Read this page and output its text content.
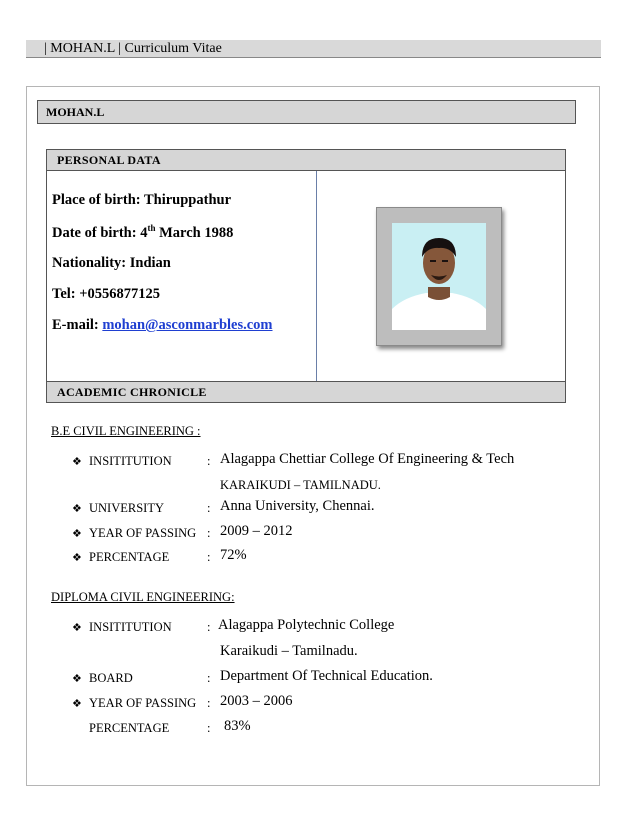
| MOHAN.L | Curriculum Vitae
MOHAN.L
PERSONAL DATA
Place of birth: Thiruppathur
Date of birth: 4th March 1988
Nationality: Indian
Tel: +0556877125
E-mail: mohan@asconmarbles.com
ACADEMIC CHRONICLE
B.E CIVIL ENGINEERING :
❖ INSITITUTION	: Alagappa Chettiar College Of Engineering & Tech
KARAIKUDI – TAMILNADU.
❖ UNIVERSITY	: Anna University, Chennai.
❖ YEAR OF PASSING : 2009 – 2012
❖ PERCENTAGE	: 72%
DIPLOMA CIVIL ENGINEERING:
❖ INSITITUTION	: Alagappa Polytechnic College
Karaikudi – Tamilnadu.
❖ BOARD	: Department Of Technical Education.
❖ YEAR OF PASSING : 2003 – 2006
PERCENTAGE	: 83%
